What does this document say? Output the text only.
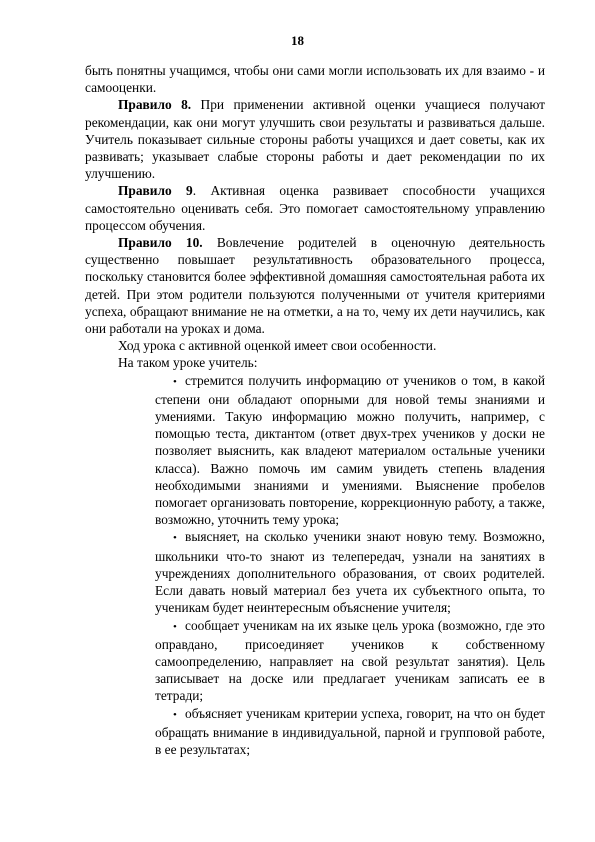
18

быть понятны учащимся, чтобы они сами могли использовать их для взаимо - и самооценки.

Правило 8. При применении активной оценки учащиеся получают рекомендации, как они могут улучшить свои результаты и развиваться дальше. Учитель показывает сильные стороны работы учащихся и дает советы, как их развивать; указывает слабые стороны работы и дает рекомендации по их улучшению.

Правило 9. Активная оценка развивает способности учащихся самостоятельно оценивать себя. Это помогает самостоятельному управлению процессом обучения.

Правило 10. Вовлечение родителей в оценочную деятельность существенно повышает результативность образовательного процесса, поскольку становится более эффективной домашняя самостоятельная работа их детей. При этом родители пользуются полученными от учителя критериями успеха, обращают внимание не на отметки, а на то, чему их дети научились, как они работали на уроках и дома.

Ход урока с активной оценкой имеет свои особенности.

На таком уроке учитель:

• стремится получить информацию от учеников о том, в какой степени они обладают опорными для новой темы знаниями и умениями. Такую информацию можно получить, например, с помощью теста, диктантом (ответ двух-трех учеников у доски не позволяет выяснить, как владеют материалом остальные ученики класса). Важно помочь им самим увидеть степень владения необходимыми знаниями и умениями. Выяснение пробелов помогает организовать повторение, коррекционную работу, а также, возможно, уточнить тему урока;
• выясняет, на сколько ученики знают новую тему. Возможно, школьники что-то знают из телепередач, узнали на занятиях в учреждениях дополнительного образования, от своих родителей. Если давать новый материал без учета их субъектного опыта, то ученикам будет неинтересным объяснение учителя;
• сообщает ученикам на их языке цель урока (возможно, где это оправдано, присоединяет учеников к собственному самоопределению, направляет на свой результат занятия). Цель записывает на доске или предлагает ученикам записать ее в тетради;
• объясняет ученикам критерии успеха, говорит, на что он будет обращать внимание в индивидуальной, парной и групповой работе, в ее результатах;
